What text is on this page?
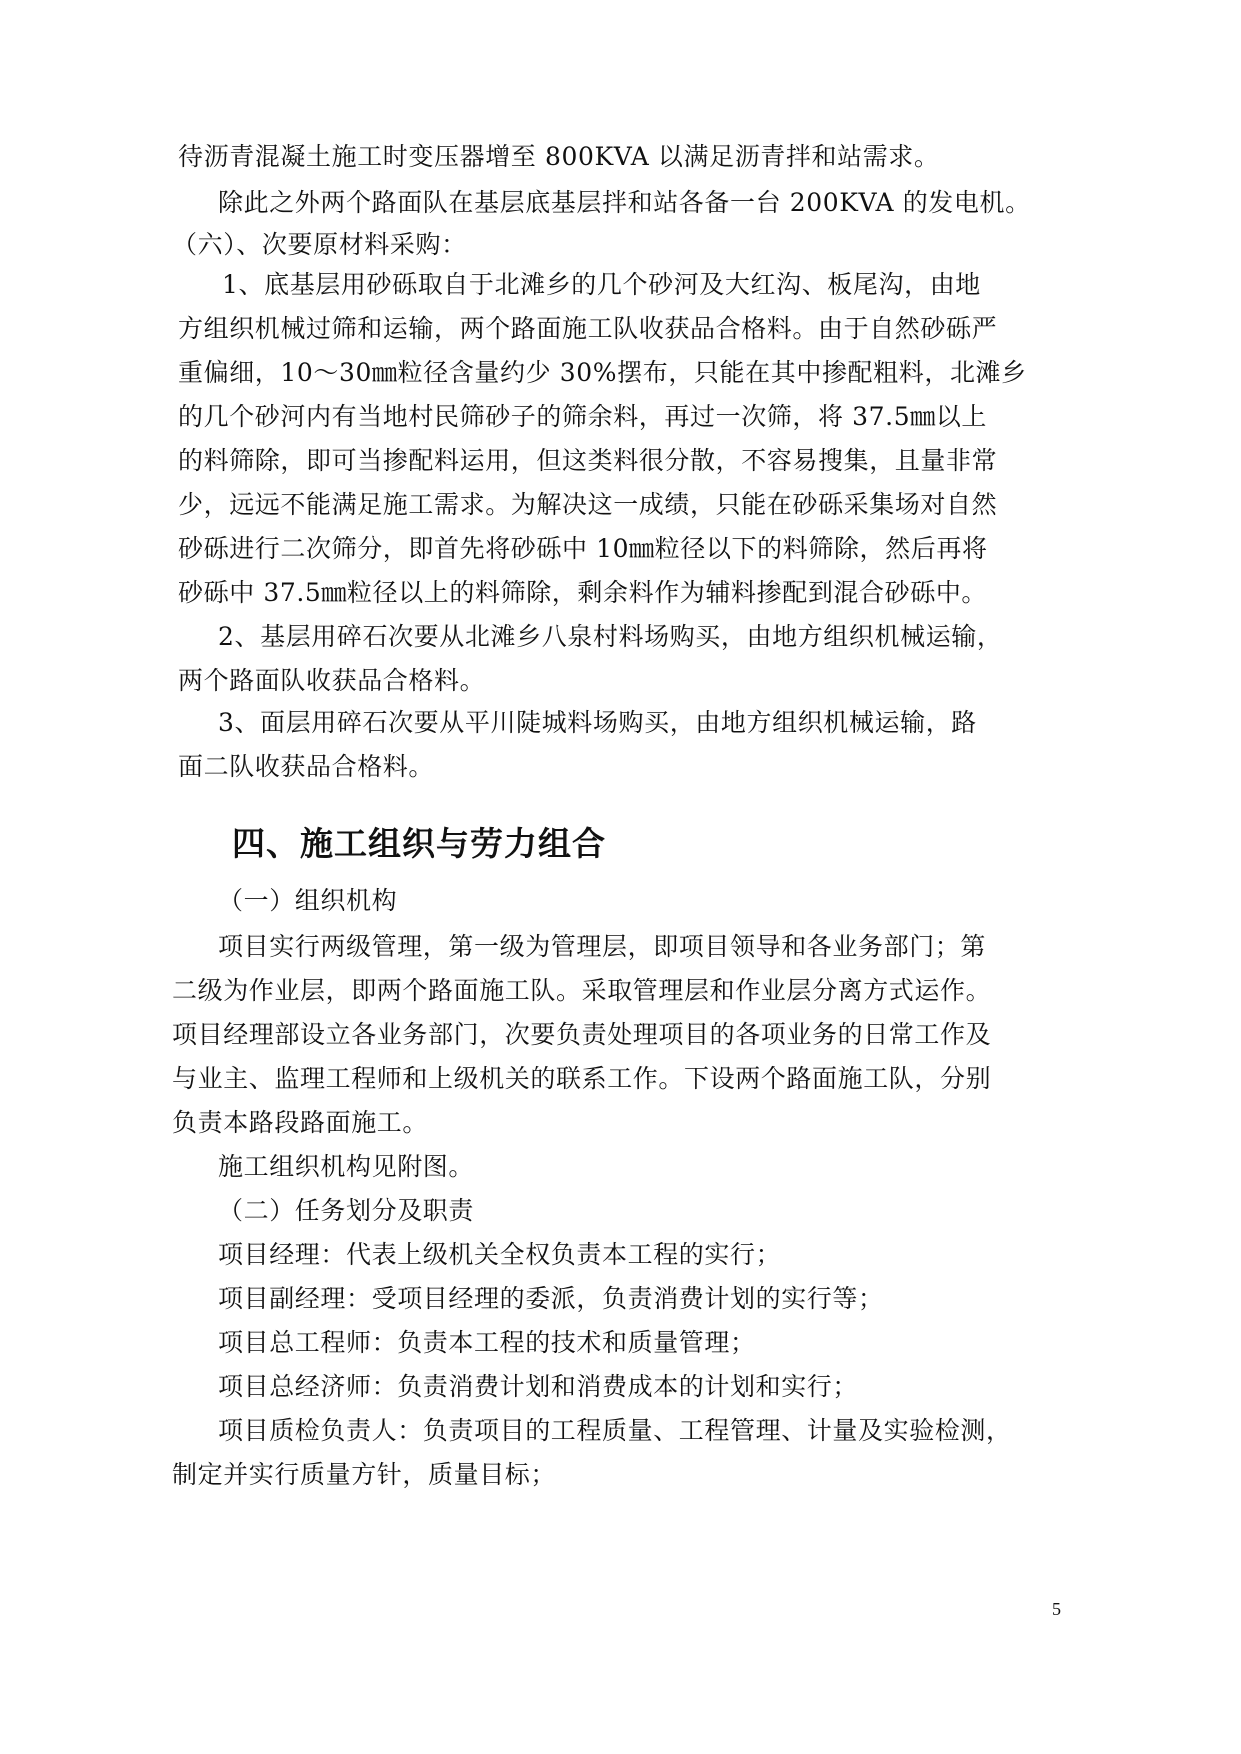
待沥青混凝土施工时变压器增至 800KVA 以满足沥青拌和站需求。
除此之外两个路面队在基层底基层拌和站各备一台 200KVA 的发电机。
（六）、次要原材料采购：
1、底基层用砂砾取自于北滩乡的几个砂河及大红沟、板尾沟，由地
方组织机械过筛和运输，两个路面施工队收获品合格料。由于自然砂砾严
重偏细，10～30㎜粒径含量约少 30%摆布，只能在其中掺配粗料，北滩乡
的几个砂河内有当地村民筛砂子的筛余料，再过一次筛，将 37.5㎜以上
的料筛除，即可当掺配料运用，但这类料很分散，不容易搜集，且量非常
少，远远不能满足施工需求。为解决这一成绩，只能在砂砾采集场对自然
砂砾进行二次筛分，即首先将砂砾中 10㎜粒径以下的料筛除，然后再将
砂砾中 37.5㎜粒径以上的料筛除，剩余料作为辅料掺配到混合砂砾中。
2、基层用碎石次要从北滩乡八泉村料场购买，由地方组织机械运输，
两个路面队收获品合格料。
3、面层用碎石次要从平川陡城料场购买，由地方组织机械运输，路
面二队收获品合格料。
四、施工组织与劳力组合
（一）组织机构
项目实行两级管理，第一级为管理层，即项目领导和各业务部门；第
二级为作业层，即两个路面施工队。采取管理层和作业层分离方式运作。
项目经理部设立各业务部门，次要负责处理项目的各项业务的日常工作及
与业主、监理工程师和上级机关的联系工作。下设两个路面施工队，分别
负责本路段路面施工。
施工组织机构见附图。
（二）任务划分及职责
项目经理：代表上级机关全权负责本工程的实行；
项目副经理：受项目经理的委派，负责消费计划的实行等；
项目总工程师：负责本工程的技术和质量管理；
项目总经济师：负责消费计划和消费成本的计划和实行；
项目质检负责人：负责项目的工程质量、工程管理、计量及实验检测，
制定并实行质量方针，质量目标；
5
